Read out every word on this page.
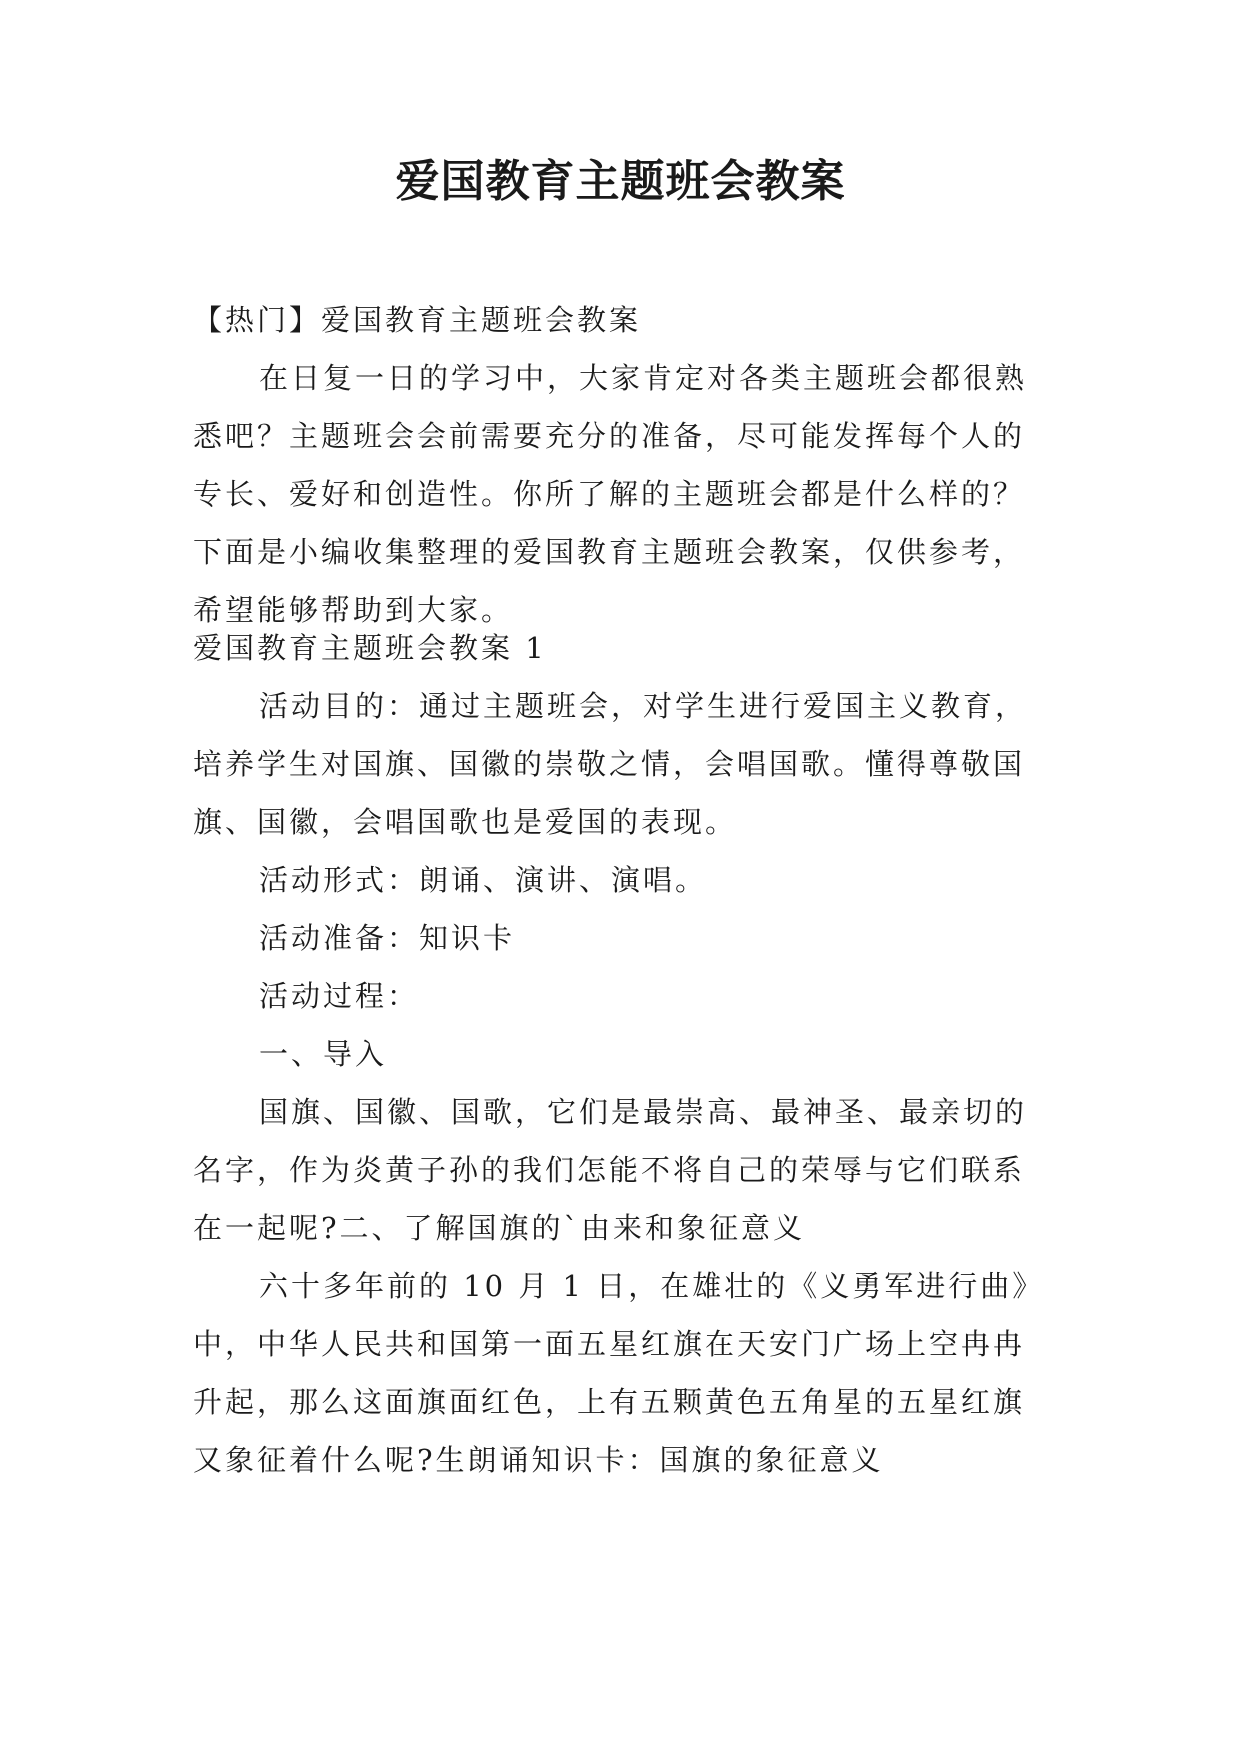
爱国教育主题班会教案

【热门】爱国教育主题班会教案

在日复一日的学习中，大家肯定对各类主题班会都很熟悉吧？主题班会会前需要充分的准备，尽可能发挥每个人的专长、爱好和创造性。你所了解的主题班会都是什么样的？下面是小编收集整理的爱国教育主题班会教案，仅供参考，希望能够帮助到大家。

爱国教育主题班会教案 1

活动目的：通过主题班会，对学生进行爱国主义教育，培养学生对国旗、国徽的崇敬之情，会唱国歌。懂得尊敬国旗、国徽，会唱国歌也是爱国的表现。

活动形式：朗诵、演讲、演唱。

活动准备：知识卡

活动过程：

一、导入

国旗、国徽、国歌，它们是最崇高、最神圣、最亲切的名字，作为炎黄子孙的我们怎能不将自己的荣辱与它们联系在一起呢?二、了解国旗的`由来和象征意义

六十多年前的 10 月 1 日，在雄壮的《义勇军进行曲》中，中华人民共和国第一面五星红旗在天安门广场上空冉冉升起，那么这面旗面红色，上有五颗黄色五角星的五星红旗又象征着什么呢?生朗诵知识卡：国旗的象征意义
